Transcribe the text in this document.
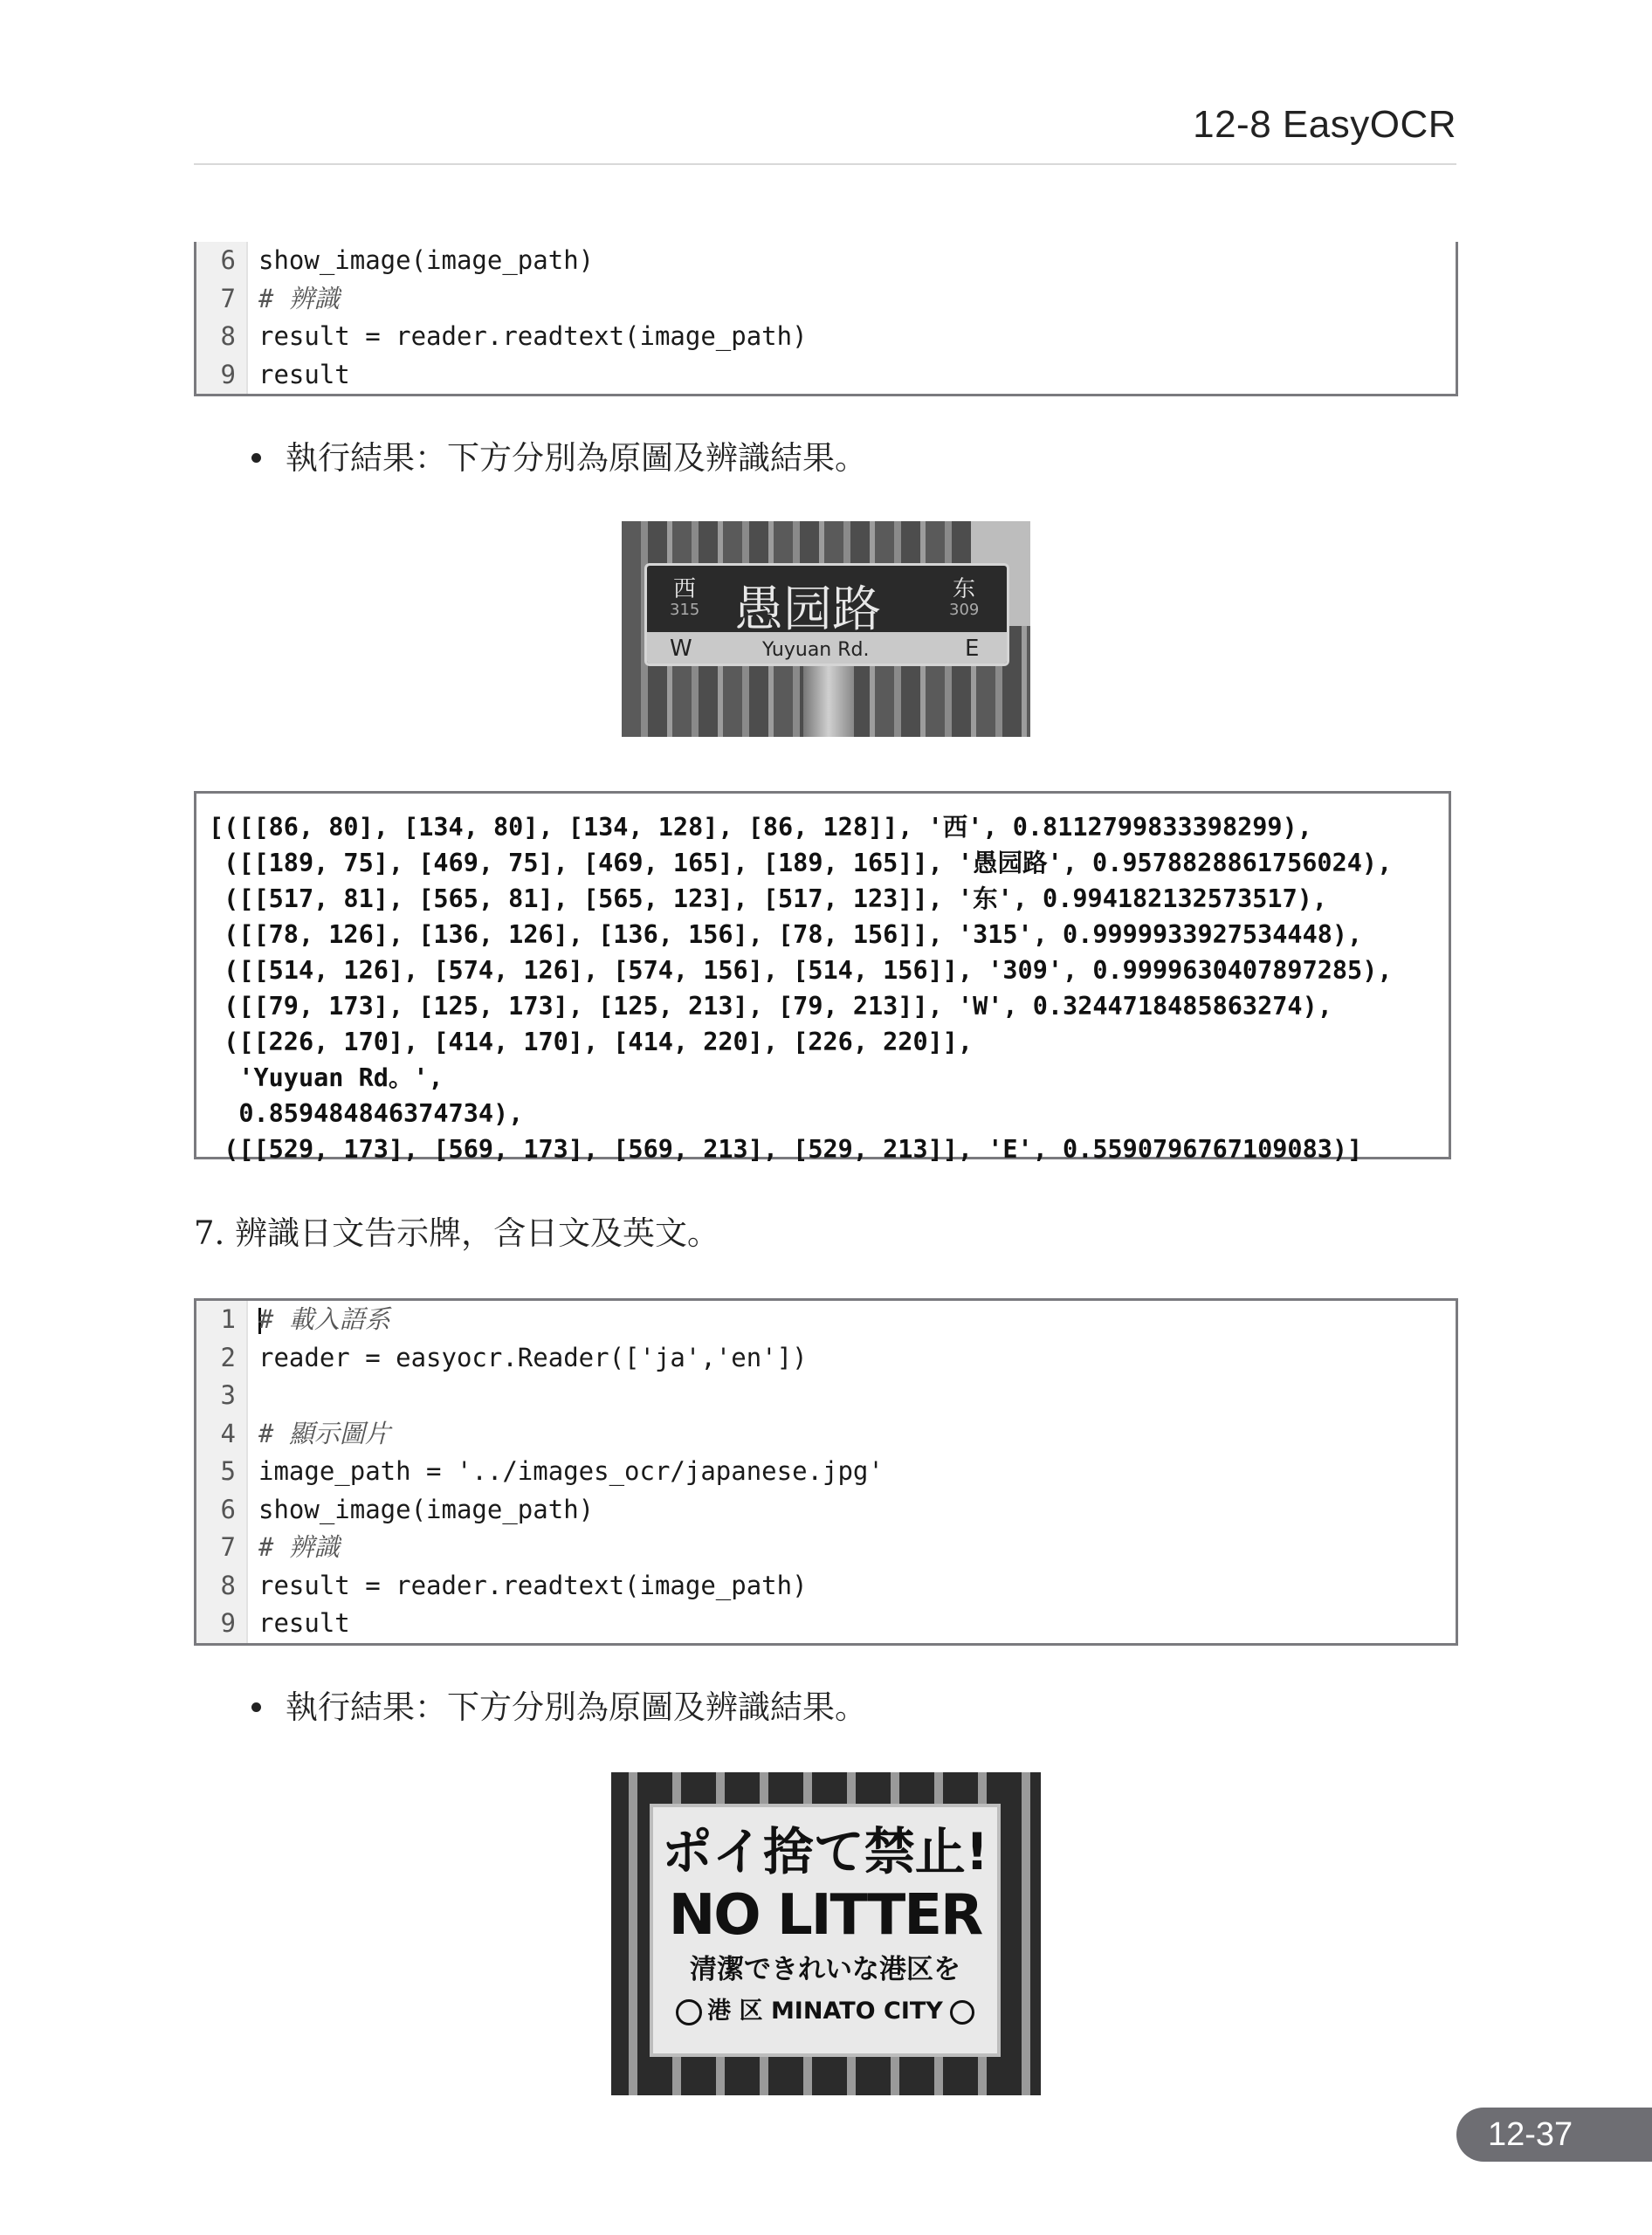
12-8 EasyOCR
6 show_image(image_path)
7 # 辨識
8 result = reader.readtext(image_path)
9 result
執行結果：下方分別為原圖及辨識結果。
西
315 愚园路	东
309
W	Yuyuan Rd.	E
[([[86, 80], [134, 80], [134, 128], [86, 128]], '西', 0.8112799833398299),
([[189, 75], [469, 75], [469, 165], [189, 165]], '愚园路', 0.9578828861756024),
([[517, 81], [565, 81], [565, 123], [517, 123]], '东', 0.994182132573517),
([[78, 126], [136, 126], [136, 156], [78, 156]], '315', 0.9999933927534448),
([[514, 126], [574, 126], [574, 156], [514, 156]], '309', 0.9999630407897285),
([[79, 173], [125, 173], [125, 213], [79, 213]], 'W', 0.3244718485863274),
([[226, 170], [414, 170], [414, 220], [226, 220]],
'Yuyuan Rd。',
0.859484846374734),
([[529, 173], [569, 173], [569, 213], [529, 213]], 'E', 0.5590796767109083)]
7. 辨識日文告示牌，含日文及英文。
1 # 載入語系
2 reader = easyocr.Reader(['ja','en'])
3
4 # 顯示圖片
5 image_path = '../images_ocr/japanese.jpg'
6 show_image(image_path)
7 # 辨識
8 result = reader.readtext(image_path)
9 result
執行結果：下方分別為原圖及辨識結果。
ポイ捨て禁止!
NO LITTER
清潔できれいな港区を
港 区 MINATO CITY
12-37
